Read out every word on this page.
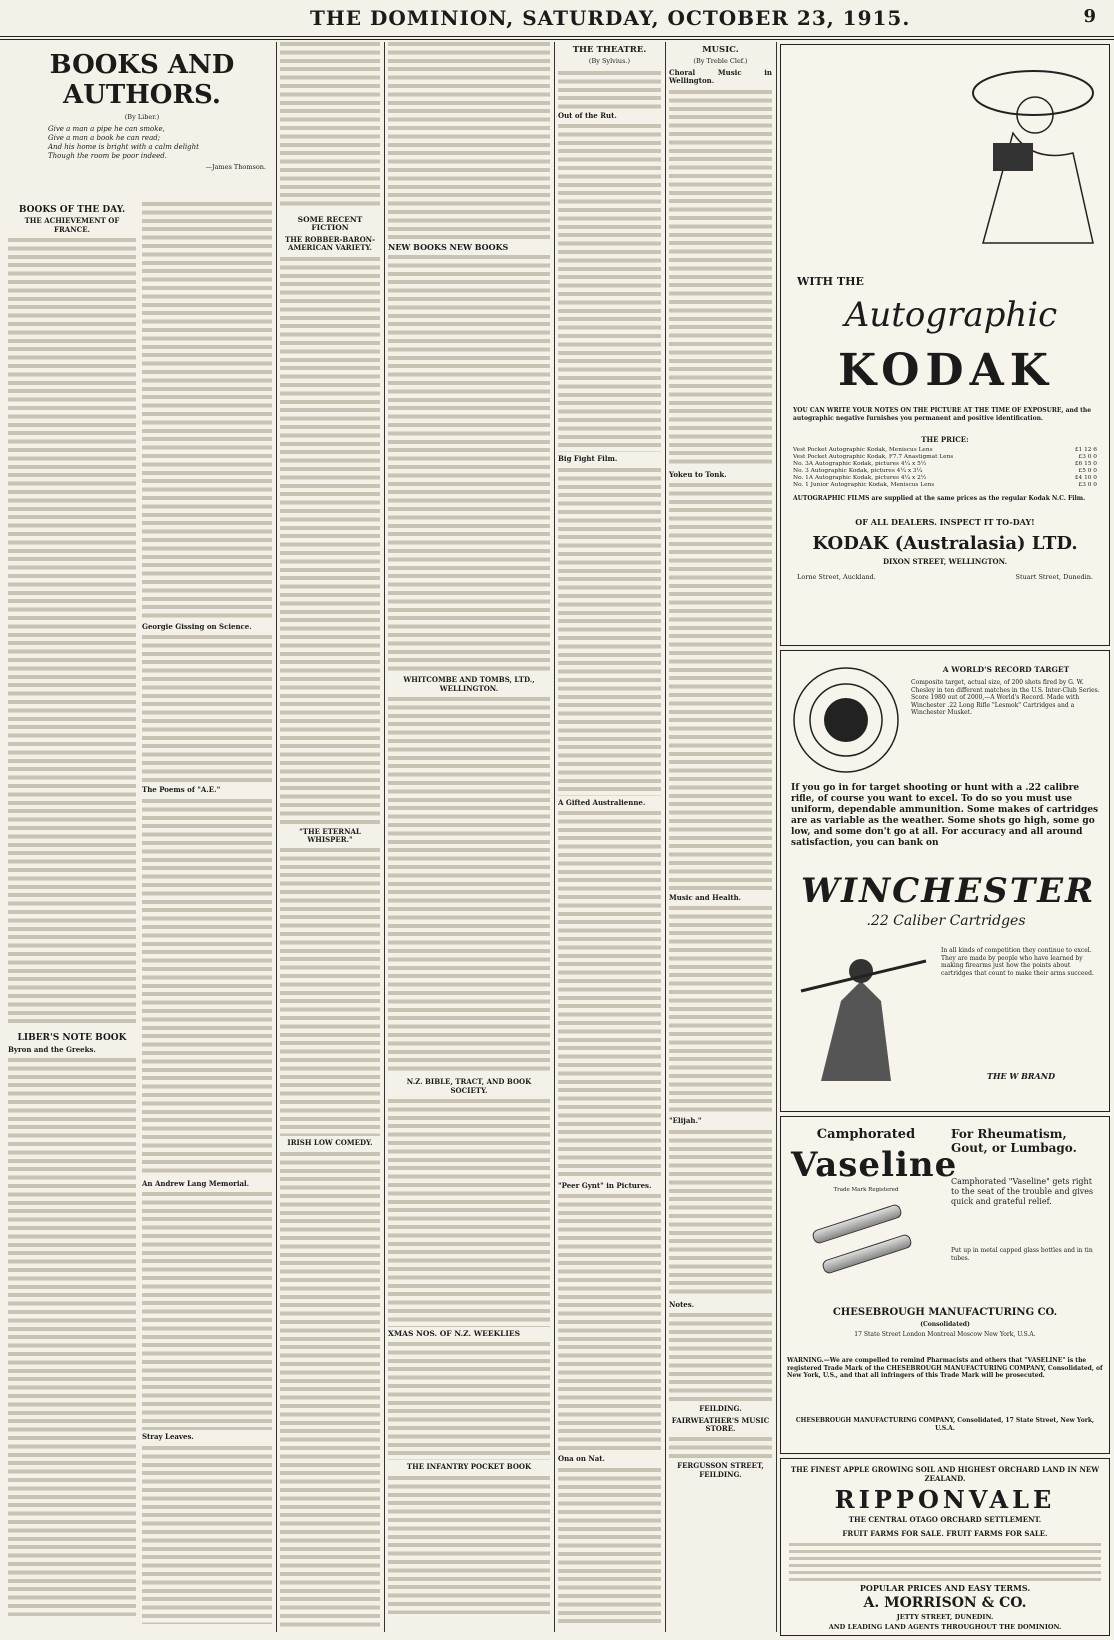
THE DOMINION, SATURDAY, OCTOBER 23, 1915.	9
BOOKS AND AUTHORS.
(By Liber.)
Give a man a pipe he can smoke,
Give a man a book he can read;
And his home is bright with a calm delight
Though the room be poor indeed.
—James Thomson.
BOOKS OF THE DAY.
THE ACHIEVEMENT OF FRANCE.
LIBER'S NOTE BOOK
Byron and the Greeks.
Georgie Gissing on Science.
The Poems of "A.E."
An Andrew Lang Memorial.
Stray Leaves.
SOME RECENT FICTION
THE ROBBER-BARON-AMERICAN VARIETY.
"THE ETERNAL WHISPER."
IRISH LOW COMEDY.
NEW BOOKS NEW BOOKS
WHITCOMBE AND TOMBS, LTD., WELLINGTON.
N.Z. BIBLE, TRACT, AND BOOK SOCIETY.
XMAS NOS. OF N.Z. WEEKLIES
THE INFANTRY POCKET BOOK
THE THEATRE.
(By Sylvius.)
Out of the Rut.
Big Fight Film.
A Gifted Australienne.
"Peer Gynt" in Pictures.
Ona on Nat.
MUSIC.
(By Treble Clef.)
Choral Music in Wellington.
Yokeu to Tonk.
Music and Health.
"Elijah."
Notes.
FEILDING.
FAIRWEATHER'S MUSIC STORE.
FERGUSSON STREET, FEILDING.
WITH THE
Autographic
KODAK
YOU CAN WRITE YOUR NOTES ON THE PICTURE AT THE TIME OF EXPOSURE, and the autographic negative furnishes you permanent and positive identification.
THE PRICE:
Vest Pocket Autographic Kodak, Meniscus Lens	£1 12 6
Vest Pocket Autographic Kodak, F7.7 Anastigmat Lens	£3 0 0
No. 3A Autographic Kodak, pictures 4¼ x 5½	£6 15 0
No. 3 Autographic Kodak, pictures 4¼ x 3¼	£5 0 0
No. 1A Autographic Kodak, pictures 4¼ x 2½	£4 10 0
No. 1 Junior Autographic Kodak, Meniscus Lens	£3 0 0
AUTOGRAPHIC FILMS are supplied at the same prices as the regular Kodak N.C. Film.
OF ALL DEALERS. INSPECT IT TO-DAY!
KODAK (Australasia) LTD.
DIXON STREET, WELLINGTON.
Lorne Street, Auckland.	Stuart Street, Dunedin.
A WORLD'S RECORD TARGET
Composite target, actual size, of 200 shots fired by G. W. Chesley in ten different matches in the U.S. Inter-Club Series. Score 1980 out of 2000,—A World's Record. Made with Winchester .22 Long Rifle "Lesmok" Cartridges and a Winchester Musket.
If you go in for target shooting or hunt with a .22 calibre rifle, of course you want to excel. To do so you must use uniform, dependable ammunition. Some makes of cartridges are as variable as the weather. Some shots go high, some go low, and some don't go at all. For accuracy and all around satisfaction, you can bank on
WINCHESTER
.22 Caliber Cartridges
In all kinds of competition they continue to excel. They are made by people who have learned by making firearms just how the points about cartridges that count to make their arms succeed.
THE W BRAND
Camphorated
Vaseline
Trade Mark Registered
For Rheumatism, Gout, or Lumbago.
Camphorated "Vaseline" gets right to the seat of the trouble and gives quick and grateful relief.
Put up in metal capped glass bottles and in tin tubes.
CHESEBROUGH MANUFACTURING CO.
(Consolidated)
17 State Street London Montreal Moscow New York, U.S.A.
WARNING.—We are compelled to remind Pharmacists and others that "VASELINE" is the registered Trade Mark of the CHESEBROUGH MANUFACTURING COMPANY, Consolidated, of New York, U.S., and that all infringers of this Trade Mark will be prosecuted.
CHESEBROUGH MANUFACTURING COMPANY, Consolidated, 17 State Street, New York, U.S.A.
THE FINEST APPLE GROWING SOIL AND HIGHEST ORCHARD LAND IN NEW ZEALAND.
RIPPONVALE
THE CENTRAL OTAGO ORCHARD SETTLEMENT.
FRUIT FARMS FOR SALE. FRUIT FARMS FOR SALE.
POPULAR PRICES AND EASY TERMS.
A. MORRISON & CO.
JETTY STREET, DUNEDIN.
AND LEADING LAND AGENTS THROUGHOUT THE DOMINION.
